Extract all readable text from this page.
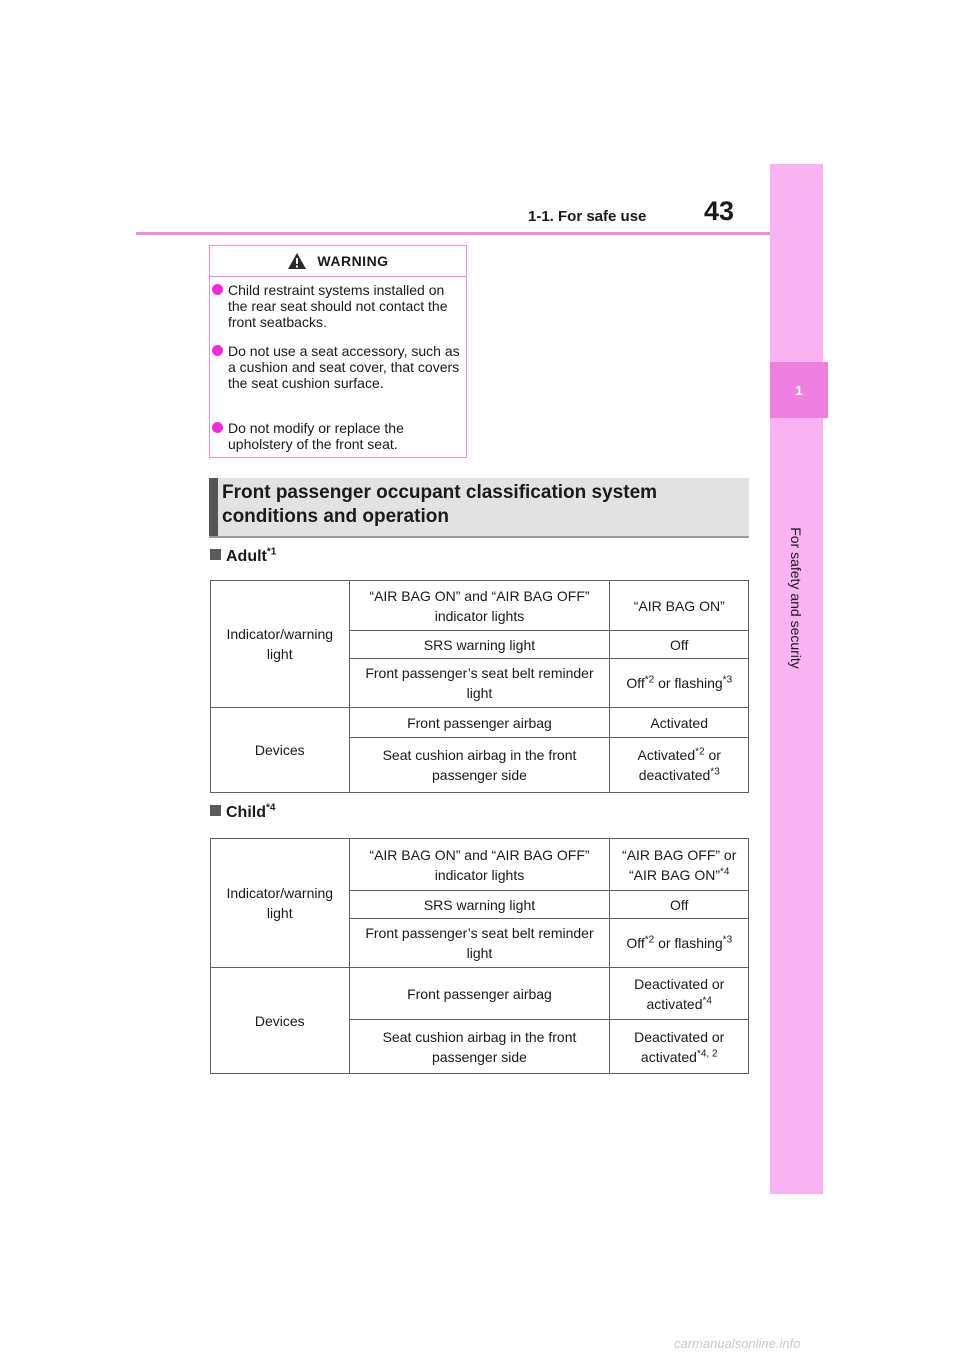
1-1. For safe use 43
1
For safety and security
WARNING
Child restraint systems installed on the rear seat should not contact the front seatbacks.
Do not use a seat accessory, such as a cushion and seat cover, that covers the seat cushion surface.
Do not modify or replace the upholstery of the front seat.
Front passenger occupant classification system conditions and operation
Adult$^{*1}$
Indicator/warning light	“AIR BAG ON” and “AIR BAG OFF” indicator lights	“AIR BAG ON”
	SRS warning light	Off
	Front passenger’s seat belt reminder light	Off$^{*2}$ or flashing$^{*3}$
Devices	Front passenger airbag	Activated
	Seat cushion airbag in the front passenger side	Activated$^{*2}$ or deactivated$^{*3}$
Child$^{*4}$
Indicator/warning light	“AIR BAG ON” and “AIR BAG OFF” indicator lights	“AIR BAG OFF” or “AIR BAG ON”$^{*4}$
	SRS warning light	Off
	Front passenger’s seat belt reminder light	Off$^{*2}$ or flashing$^{*3}$
Devices	Front passenger airbag	Deactivated or activated$^{*4}$
	Seat cushion airbag in the front passenger side	Deactivated or activated$^{*4, 2}$
carmanualsonline.info
